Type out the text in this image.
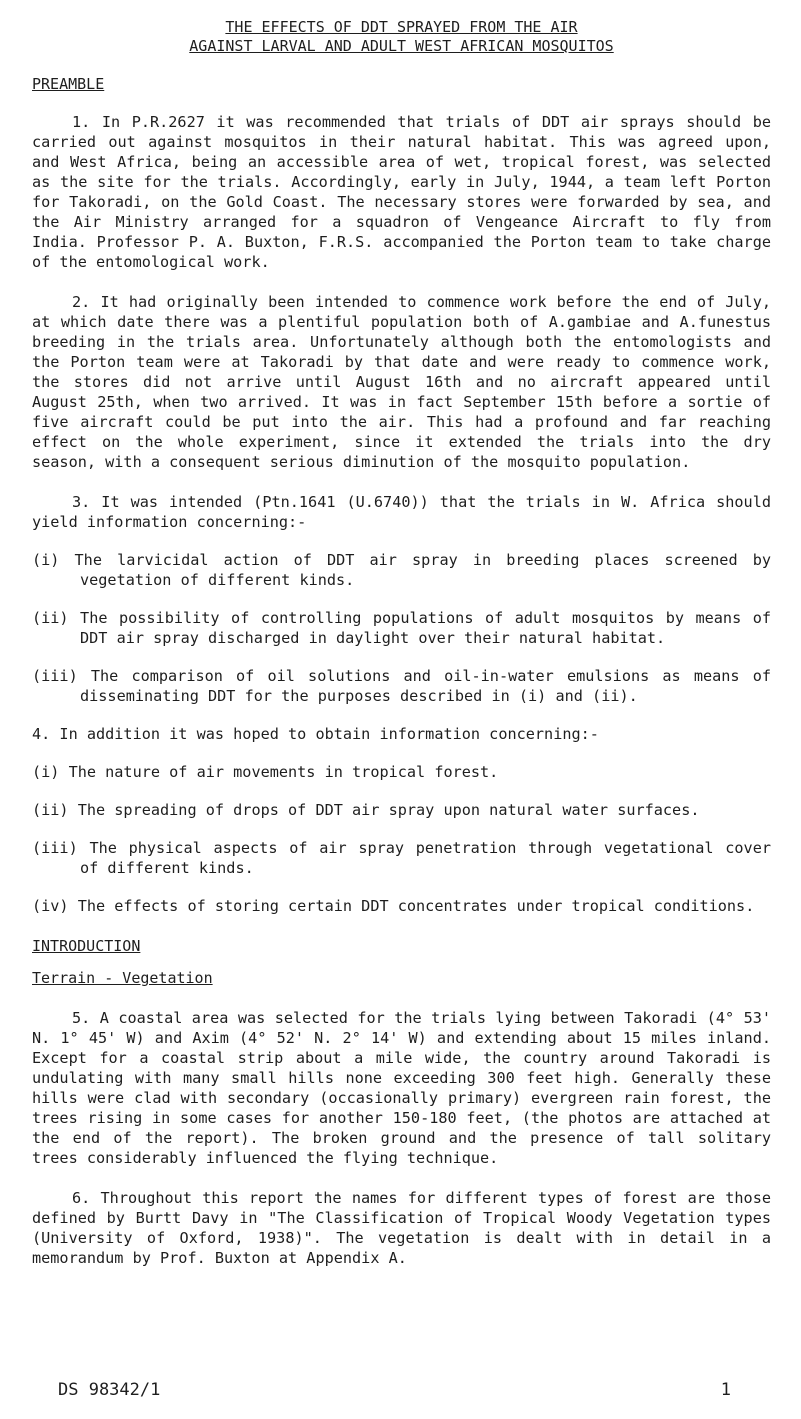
THE EFFECTS OF DDT SPRAYED FROM THE AIR
AGAINST LARVAL AND ADULT WEST AFRICAN MOSQUITOS
PREAMBLE

1. In P.R.2627 it was recommended that trials of DDT air sprays should be carried out against mosquitos in their natural habitat. This was agreed upon, and West Africa, being an accessible area of wet, tropical forest, was selected as the site for the trials. Accordingly, early in July, 1944, a team left Porton for Takoradi, on the Gold Coast. The necessary stores were forwarded by sea, and the Air Ministry arranged for a squadron of Vengeance Aircraft to fly from India. Professor P. A. Buxton, F.R.S. accompanied the Porton team to take charge of the entomological work.

2. It had originally been intended to commence work before the end of July, at which date there was a plentiful population both of A.gambiae and A.funestus breeding in the trials area. Unfortunately although both the entomologists and the Porton team were at Takoradi by that date and were ready to commence work, the stores did not arrive until August 16th and no aircraft appeared until August 25th, when two arrived. It was in fact September 15th before a sortie of five aircraft could be put into the air. This had a profound and far reaching effect on the whole experiment, since it extended the trials into the dry season, with a consequent serious diminution of the mosquito population.

3. It was intended (Ptn.1641 (U.6740)) that the trials in W. Africa should yield information concerning:-

(i) The larvicidal action of DDT air spray in breeding places screened by vegetation of different kinds.

(ii) The possibility of controlling populations of adult mosquitos by means of DDT air spray discharged in daylight over their natural habitat.

(iii) The comparison of oil solutions and oil-in-water emulsions as means of disseminating DDT for the purposes described in (i) and (ii).

4. In addition it was hoped to obtain information concerning:-

(i) The nature of air movements in tropical forest.

(ii) The spreading of drops of DDT air spray upon natural water surfaces.

(iii) The physical aspects of air spray penetration through vegetational cover of different kinds.

(iv) The effects of storing certain DDT concentrates under tropical conditions.

INTRODUCTION
Terrain - Vegetation

5. A coastal area was selected for the trials lying between Takoradi (4° 53' N. 1° 45' W) and Axim (4° 52' N. 2° 14' W) and extending about 15 miles inland. Except for a coastal strip about a mile wide, the country around Takoradi is undulating with many small hills none exceeding 300 feet high. Generally these hills were clad with secondary (occasionally primary) evergreen rain forest, the trees rising in some cases for another 150-180 feet, (the photos are attached at the end of the report). The broken ground and the presence of tall solitary trees considerably influenced the flying technique.

6. Throughout this report the names for different types of forest are those defined by Burtt Davy in "The Classification of Tropical Woody Vegetation types (University of Oxford, 1938)". The vegetation is dealt with in detail in a memorandum by Prof. Buxton at Appendix A.

DS 98342/1	1
